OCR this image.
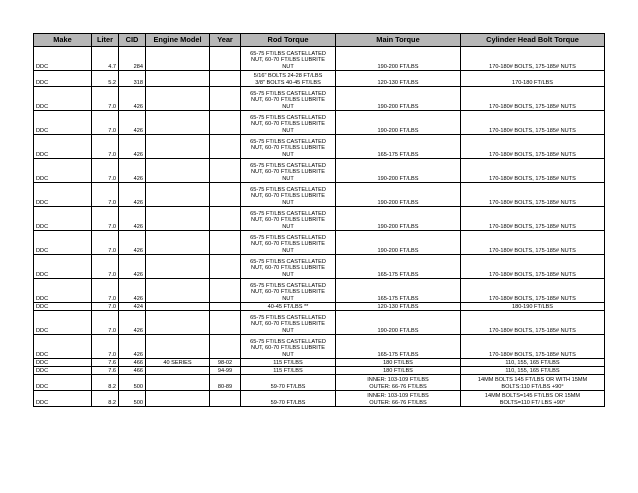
Make	Liter	CID	Engine Model	Year	Rod Torque	Main Torque	Cylinder Head Bolt Torque
DDC	4.7	284			65-75 FT/LBS CASTELLATED
NUT, 60-70 FT/LBS LUBRITE
NUT	190-200 FT/LBS	170-180# BOLTS, 175-185# NUTS
DDC	5.2	318			5/16" BOLTS 24-28 FT/LBS
3/8" BOLTS 40-45 FT/LBS	120-130 FT/LBS	170-180 FT/LBS
DDC	7.0	426			65-75 FT/LBS CASTELLATED
NUT, 60-70 FT/LBS LUBRITE
NUT	190-200 FT/LBS	170-180# BOLTS, 175-185# NUTS
DDC	7.0	426			65-75 FT/LBS CASTELLATED
NUT, 60-70 FT/LBS LUBRITE
NUT	190-200 FT/LBS	170-180# BOLTS, 175-185# NUTS
DDC	7.0	426			65-75 FT/LBS CASTELLATED
NUT, 60-70 FT/LBS LUBRITE
NUT	165-175 FT/LBS	170-180# BOLTS, 175-185# NUTS
DDC	7.0	426			65-75 FT/LBS CASTELLATED
NUT, 60-70 FT/LBS LUBRITE
NUT	190-200 FT/LBS	170-180# BOLTS, 175-185# NUTS
DDC	7.0	426			65-75 FT/LBS CASTELLATED
NUT, 60-70 FT/LBS LUBRITE
NUT	190-200 FT/LBS	170-180# BOLTS, 175-185# NUTS
DDC	7.0	426			65-75 FT/LBS CASTELLATED
NUT, 60-70 FT/LBS LUBRITE
NUT	190-200 FT/LBS	170-180# BOLTS, 175-185# NUTS
DDC	7.0	426			65-75 FT/LBS CASTELLATED
NUT, 60-70 FT/LBS LUBRITE
NUT	190-200 FT/LBS	170-180# BOLTS, 175-185# NUTS
DDC	7.0	426			65-75 FT/LBS CASTELLATED
NUT, 60-70 FT/LBS LUBRITE
NUT	165-175 FT/LBS	170-180# BOLTS, 175-185# NUTS
DDC	7.0	426			65-75 FT/LBS CASTELLATED
NUT, 60-70 FT/LBS LUBRITE
NUT	165-175 FT/LBS	170-180# BOLTS, 175-185# NUTS
DDC	7.0	424			40-45 FT/LBS **	120-130 FT/LBS	180-190 FT/LBS
DDC	7.0	426			65-75 FT/LBS CASTELLATED
NUT, 60-70 FT/LBS LUBRITE
NUT	190-200 FT/LBS	170-180# BOLTS, 175-185# NUTS
DDC	7.0	426			65-75 FT/LBS CASTELLATED
NUT, 60-70 FT/LBS LUBRITE
NUT	165-175 FT/LBS	170-180# BOLTS, 175-185# NUTS
DDC	7.6	466	40 SERIES	98-02	115 FT/LBS	180 FT/LBS	110, 155, 165 FT/LBS
DDC	7.6	466		94-99	115 FT/LBS	180 FT/LBS	110, 155, 165 FT/LBS
DDC	8.2	500		80-89	59-70 FT/LBS	INNER: 103-109 FT/LBS
OUTER: 66-76 FT/LBS	14MM BOLTS 145 FT/LBS OR WITH 15MM
BOLTS:110 FT/LBS +90°
DDC	8.2	500			59-70 FT/LBS	INNER: 103-109 FT/LBS
OUTER: 66-76 FT/LBS	14MM BOLTS=145 FT/LBS OR 15MM
BOLTS=110 FT/ LBS +90°
